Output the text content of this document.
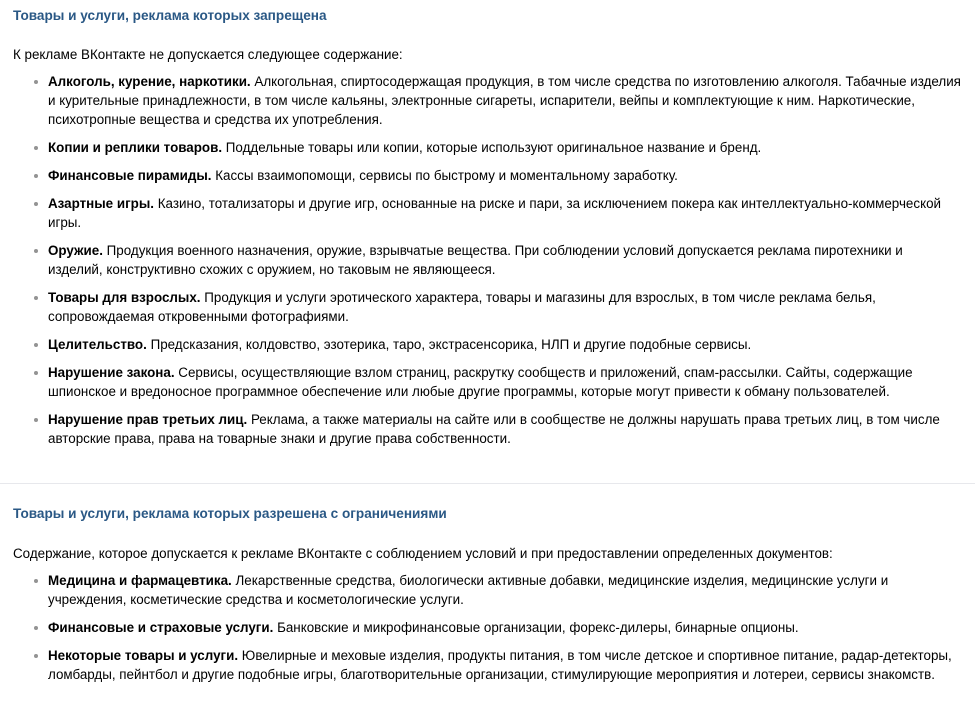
Товары и услуги, реклама которых запрещена
К рекламе ВКонтакте не допускается следующее содержание:
Алкоголь, курение, наркотики. Алкогольная, спиртосодержащая продукция, в том числе средства по изготовлению алкоголя. Табачные изделия и курительные принадлежности, в том числе кальяны, электронные сигареты, испарители, вейпы и комплектующие к ним. Наркотические, психотропные вещества и средства их употребления.
Копии и реплики товаров. Поддельные товары или копии, которые используют оригинальное название и бренд.
Финансовые пирамиды. Кассы взаимопомощи, сервисы по быстрому и моментальному заработку.
Азартные игры. Казино, тотализаторы и другие игр, основанные на риске и пари, за исключением покера как интеллектуально-коммерческой игры.
Оружие. Продукция военного назначения, оружие, взрывчатые вещества. При соблюдении условий допускается реклама пиротехники и изделий, конструктивно схожих с оружием, но таковым не являющееся.
Товары для взрослых. Продукция и услуги эротического характера, товары и магазины для взрослых, в том числе реклама белья, сопровождаемая откровенными фотографиями.
Целительство. Предсказания, колдовство, эзотерика, таро, экстрасенсорика, НЛП и другие подобные сервисы.
Нарушение закона. Сервисы, осуществляющие взлом страниц, раскрутку сообществ и приложений, спам-рассылки. Сайты, содержащие шпионское и вредоносное программное обеспечение или любые другие программы, которые могут привести к обману пользователей.
Нарушение прав третьих лиц. Реклама, а также материалы на сайте или в сообществе не должны нарушать права третьих лиц, в том числе авторские права, права на товарные знаки и другие права собственности.
Товары и услуги, реклама которых разрешена с ограничениями
Содержание, которое допускается к рекламе ВКонтакте с соблюдением условий и при предоставлении определенных документов:
Медицина и фармацевтика. Лекарственные средства, биологически активные добавки, медицинские изделия, медицинские услуги и учреждения, косметические средства и косметологические услуги.
Финансовые и страховые услуги. Банковские и микрофинансовые организации, форекс-дилеры, бинарные опционы.
Некоторые товары и услуги. Ювелирные и меховые изделия, продукты питания, в том числе детское и спортивное питание, радар-детекторы, ломбарды, пейнтбол и другие подобные игры, благотворительные организации, стимулирующие мероприятия и лотереи, сервисы знакомств.
